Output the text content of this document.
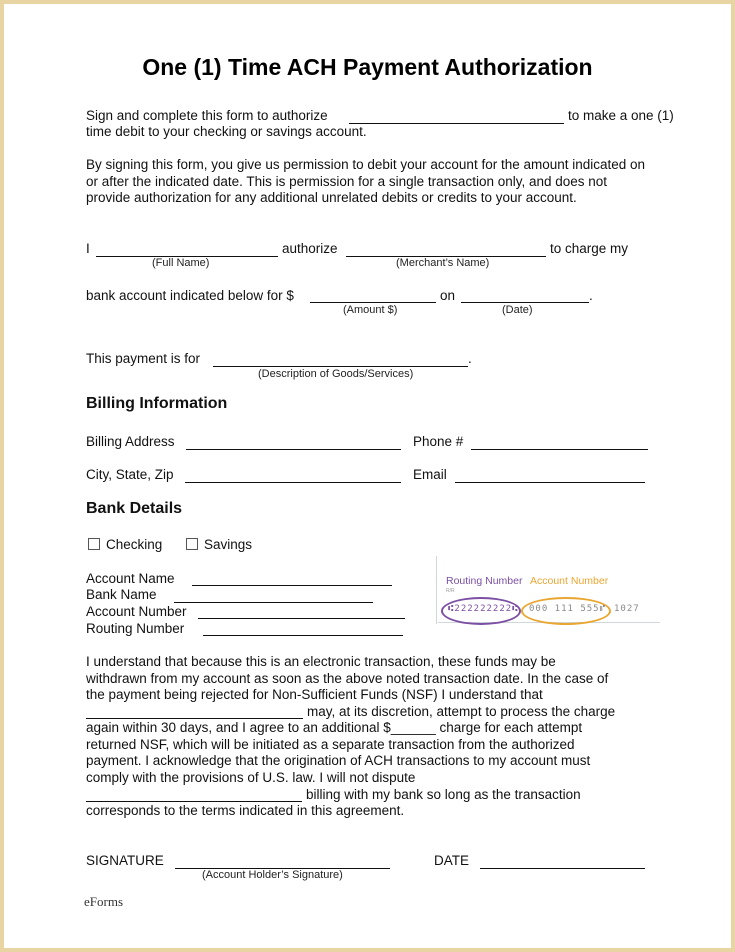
One (1) Time ACH Payment Authorization
Sign and complete this form to authorize	to make a one (1)
time debit to your checking or savings account.
By signing this form, you give us permission to debit your account for the amount indicated on
or after the indicated date. This is permission for a single transaction only, and does not
provide authorization for any additional unrelated debits or credits to your account.
I	authorize	to charge my
(Full Name)	(Merchant’s Name)
bank account indicated below for $	on	.
(Amount $)	(Date)
This payment is for	.
(Description of Goods/Services)
Billing Information
Billing Address	Phone #
City, State, Zip	Email
Bank Details
Checking	Savings
Account Name
Bank Name
Account Number
Routing Number
Routing Number Account Number
R/R
⑆222222222⑆ 000 111 555⑈ 1027
I understand that because this is an electronic transaction, these funds may be
withdrawn from my account as soon as the above noted transaction date. In the case of
the payment being rejected for Non-Sufficient Funds (NSF) I understand that
may, at its discretion, attempt to process the charge
again within 30 days, and I agree to an additional $______ charge for each attempt
returned NSF, which will be initiated as a separate transaction from the authorized
payment. I acknowledge that the origination of ACH transactions to my account must
comply with the provisions of U.S. law. I will not dispute
billing with my bank so long as the transaction
corresponds to the terms indicated in this agreement.
SIGNATURE
(Account Holder’s Signature)
DATE
eForms
